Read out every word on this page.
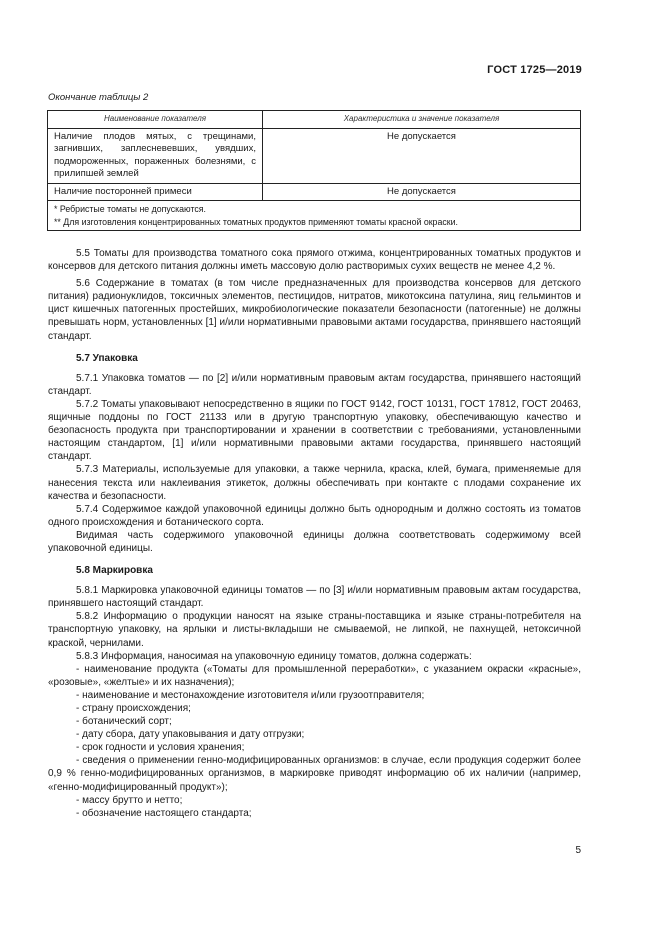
ГОСТ 1725—2019
Окончание таблицы 2
Наименование показателя	Характеристика и значение показателя
Наличие плодов мятых, с трещинами, загнивших, заплесневевших, увядших, подмороженных, пораженных болезнями, с прилипшей землей	Не допускается
Наличие посторонней примеси	Не допускается

* Ребристые томаты не допускаются.
** Для изготовления концентрированных томатных продуктов применяют томаты красной окраски.	

5.5 Томаты для производства томатного сока прямого отжима, концентрированных томатных продуктов и консервов для детского питания должны иметь массовую долю растворимых сухих веществ не менее 4,2 %.

5.6 Содержание в томатах (в том числе предназначенных для производства консервов для детского питания) радионуклидов, токсичных элементов, пестицидов, нитратов, микотоксина патулина, яиц гельминтов и цист кишечных патогенных простейших, микробиологические показатели безопасности (патогенные) не должны превышать норм, установленных [1] и/или нормативными правовыми актами государства, принявшего настоящий стандарт.

5.7 Упаковка

5.7.1 Упаковка томатов — по [2] и/или нормативным правовым актам государства, принявшего настоящий стандарт.

5.7.2 Томаты упаковывают непосредственно в ящики по ГОСТ 9142, ГОСТ 10131, ГОСТ 17812, ГОСТ 20463, ящичные поддоны по ГОСТ 21133 или в другую транспортную упаковку, обеспечивающую качество и безопасность продукта при транспортировании и хранении в соответствии с требованиями, установленными настоящим стандартом, [1] и/или нормативными правовыми актами государства, принявшего настоящий стандарт.

5.7.3 Материалы, используемые для упаковки, а также чернила, краска, клей, бумага, применяемые для нанесения текста или наклеивания этикеток, должны обеспечивать при контакте с плодами сохранение их качества и безопасности.

5.7.4 Содержимое каждой упаковочной единицы должно быть однородным и должно состоять из томатов одного происхождения и ботанического сорта.

Видимая часть содержимого упаковочной единицы должна соответствовать содержимому всей упаковочной единицы.

5.8 Маркировка

5.8.1 Маркировка упаковочной единицы томатов — по [3] и/или нормативным правовым актам государства, принявшего настоящий стандарт.

5.8.2 Информацию о продукции наносят на языке страны-поставщика и языке страны-потребителя на транспортную упаковку, на ярлыки и листы-вкладыши не смываемой, не липкой, не пахнущей, нетоксичной краской, чернилами.

5.8.3 Информация, наносимая на упаковочную единицу томатов, должна содержать:

- наименование продукта («Томаты для промышленной переработки», с указанием окраски «красные», «розовые», «желтые» и их назначения);

- наименование и местонахождение изготовителя и/или грузоотправителя;

- страну происхождения;

- ботанический сорт;

- дату сбора, дату упаковывания и дату отгрузки;

- срок годности и условия хранения;

- сведения о применении генно-модифицированных организмов: в случае, если продукция содержит более 0,9 % генно-модифицированных организмов, в маркировке приводят информацию об их наличии (например, «генно-модифицированный продукт»);

- массу брутто и нетто;

- обозначение настоящего стандарта;

5
